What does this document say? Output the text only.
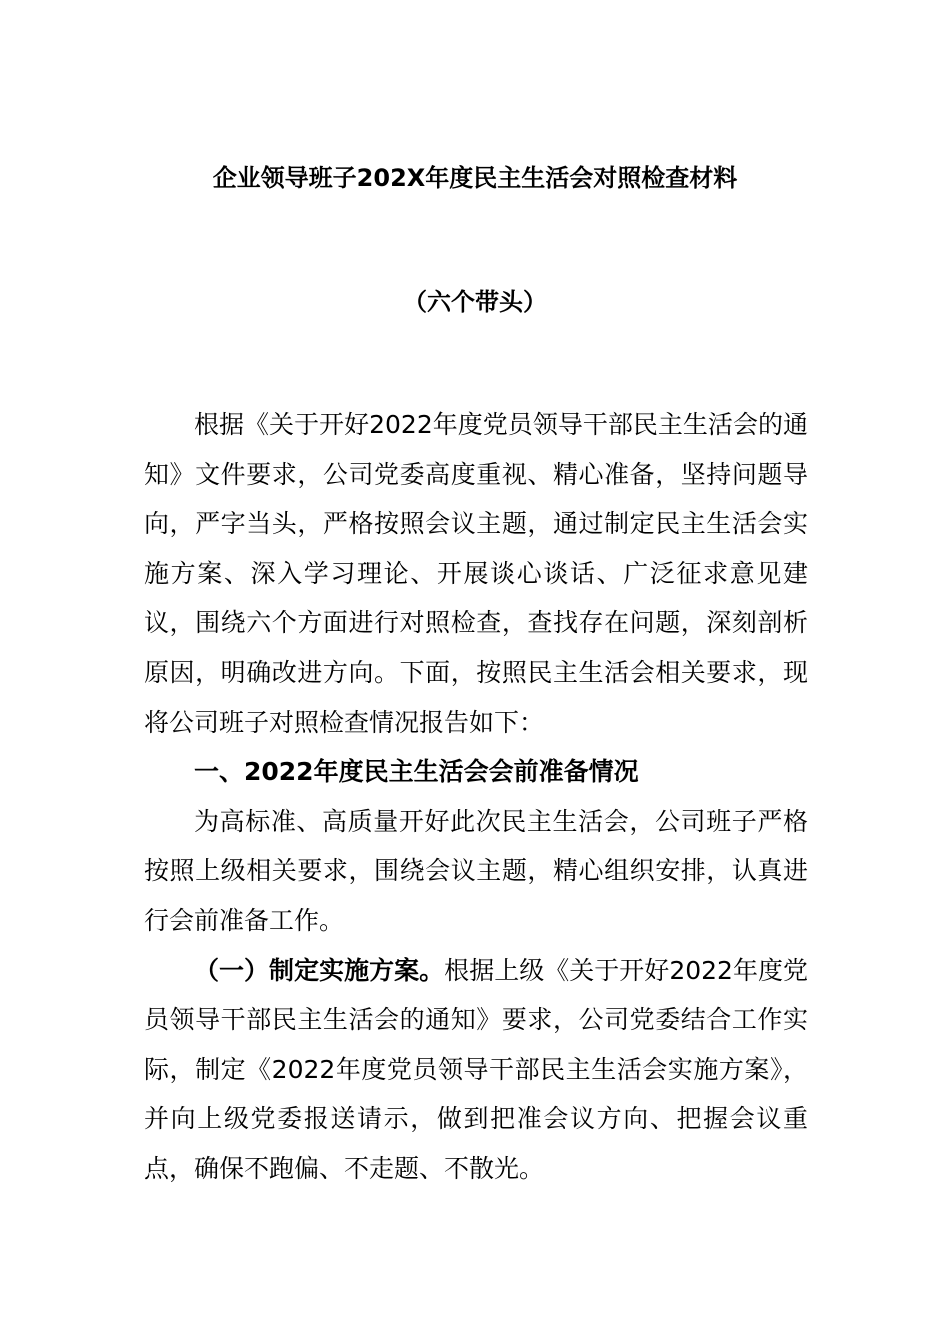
企业领导班子202X年度民主生活会对照检查材料
（六个带头）

根据《关于开好2022年度党员领导干部民主生活会的通知》文件要求，公司党委高度重视、精心准备，坚持问题导向，严字当头，严格按照会议主题，通过制定民主生活会实施方案、深入学习理论、开展谈心谈话、广泛征求意见建议，围绕六个方面进行对照检查，查找存在问题，深刻剖析原因，明确改进方向。下面，按照民主生活会相关要求，现将公司班子对照检查情况报告如下：

一、2022年度民主生活会会前准备情况

为高标准、高质量开好此次民主生活会，公司班子严格按照上级相关要求，围绕会议主题，精心组织安排，认真进行会前准备工作。

（一）制定实施方案。根据上级《关于开好2022年度党员领导干部民主生活会的通知》要求，公司党委结合工作实际，制定《2022年度党员领导干部民主生活会实施方案》，并向上级党委报送请示，做到把准会议方向、把握会议重点，确保不跑偏、不走题、不散光。
